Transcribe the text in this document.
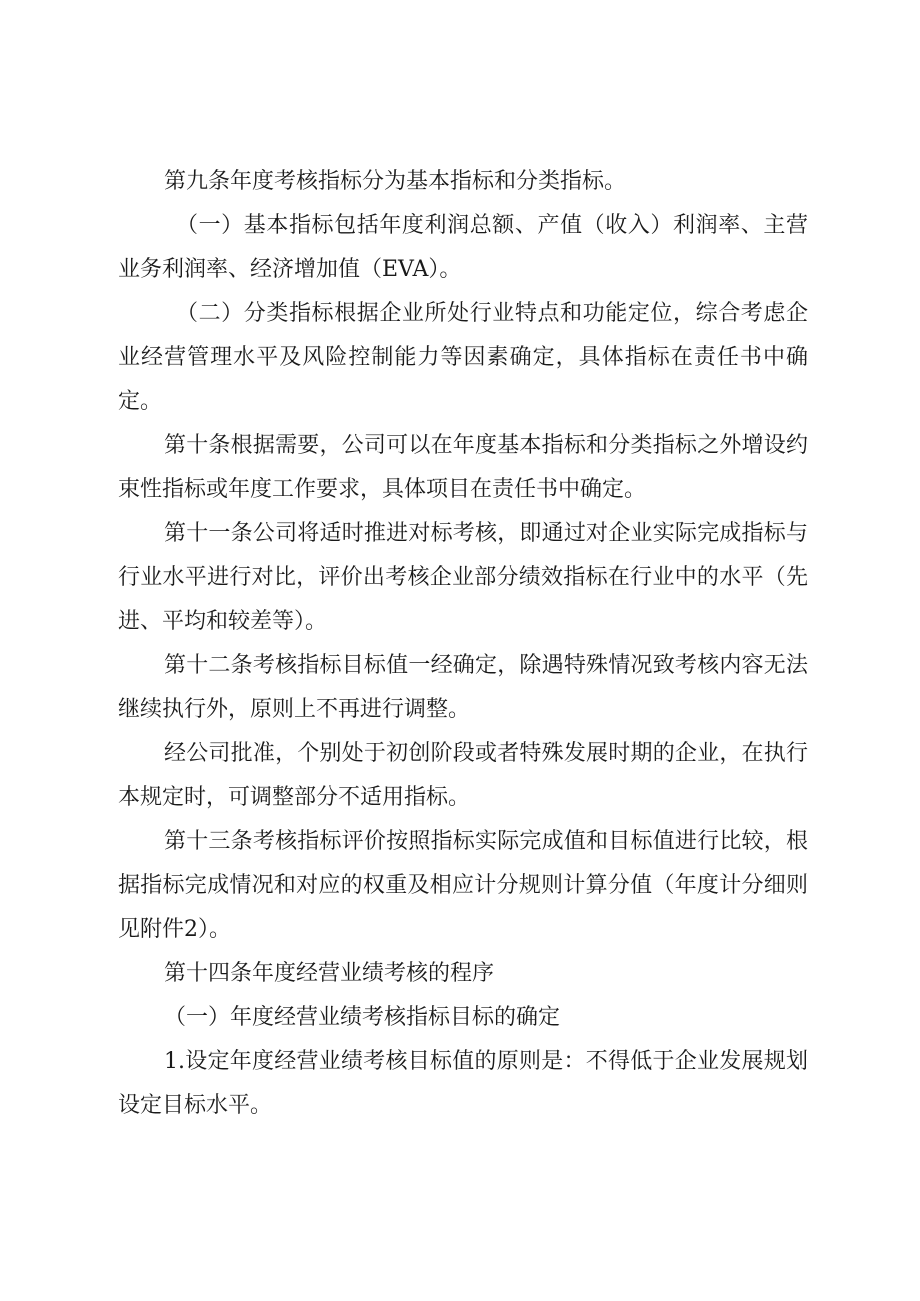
第九条年度考核指标分为基本指标和分类指标。

（一）基本指标包括年度利润总额、产值（收入）利润率、主营业务利润率、经济增加值（EVA）。

（二）分类指标根据企业所处行业特点和功能定位，综合考虑企业经营管理水平及风险控制能力等因素确定，具体指标在责任书中确定。

第十条根据需要，公司可以在年度基本指标和分类指标之外增设约束性指标或年度工作要求，具体项目在责任书中确定。

第十一条公司将适时推进对标考核，即通过对企业实际完成指标与行业水平进行对比，评价出考核企业部分绩效指标在行业中的水平（先进、平均和较差等）。

第十二条考核指标目标值一经确定，除遇特殊情况致考核内容无法继续执行外，原则上不再进行调整。

经公司批准，个别处于初创阶段或者特殊发展时期的企业，在执行本规定时，可调整部分不适用指标。

第十三条考核指标评价按照指标实际完成值和目标值进行比较，根据指标完成情况和对应的权重及相应计分规则计算分值（年度计分细则见附件2）。

第十四条年度经营业绩考核的程序

（一）年度经营业绩考核指标目标的确定

1.设定年度经营业绩考核目标值的原则是：不得低于企业发展规划设定目标水平。
